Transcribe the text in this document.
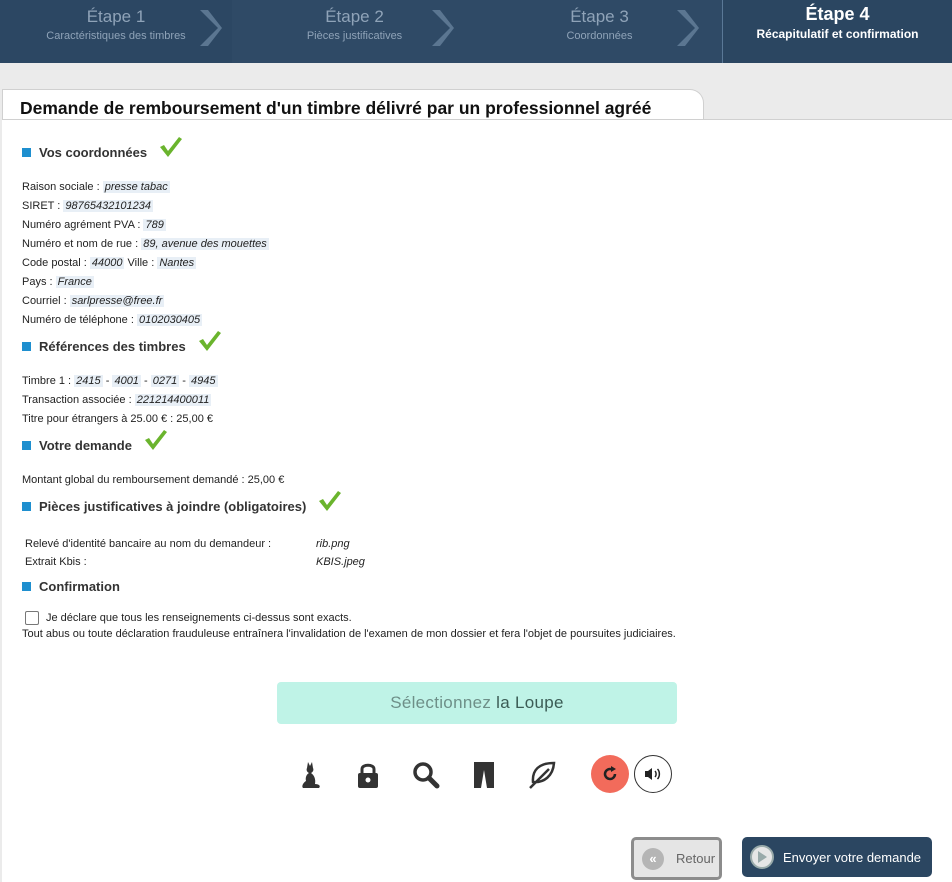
Étape 1
Caractéristiques des timbres
Étape 2
Pièces justificatives
Étape 3
Coordonnées
Étape 4
Récapitulatif et confirmation
Demande de remboursement d'un timbre délivré par un professionnel agréé
Vos coordonnées
Raison sociale : presse tabac
SIRET : 98765432101234
Numéro agrément PVA : 789
Numéro et nom de rue : 89, avenue des mouettes
Code postal : 44000 Ville : Nantes
Pays : France
Courriel : sarlpresse@free.fr
Numéro de téléphone : 0102030405
Références des timbres
Timbre 1 : 2415 - 4001 - 0271 - 4945
Transaction associée : 221214400011
Titre pour étrangers à 25.00 € : 25,00 €
Votre demande
Montant global du remboursement demandé : 25,00 €
Pièces justificatives à joindre (obligatoires)
Relevé d'identité bancaire au nom du demandeur :	rib.png
Extrait Kbis :	KBIS.jpeg
Confirmation
Je déclare que tous les renseignements ci-dessus sont exacts.
Tout abus ou toute déclaration frauduleuse entraînera l'invalidation de l'examen de mon dossier et fera l'objet de poursuites judiciaires.
Sélectionnez la Loupe
«	Retour	Envoyer votre demande
